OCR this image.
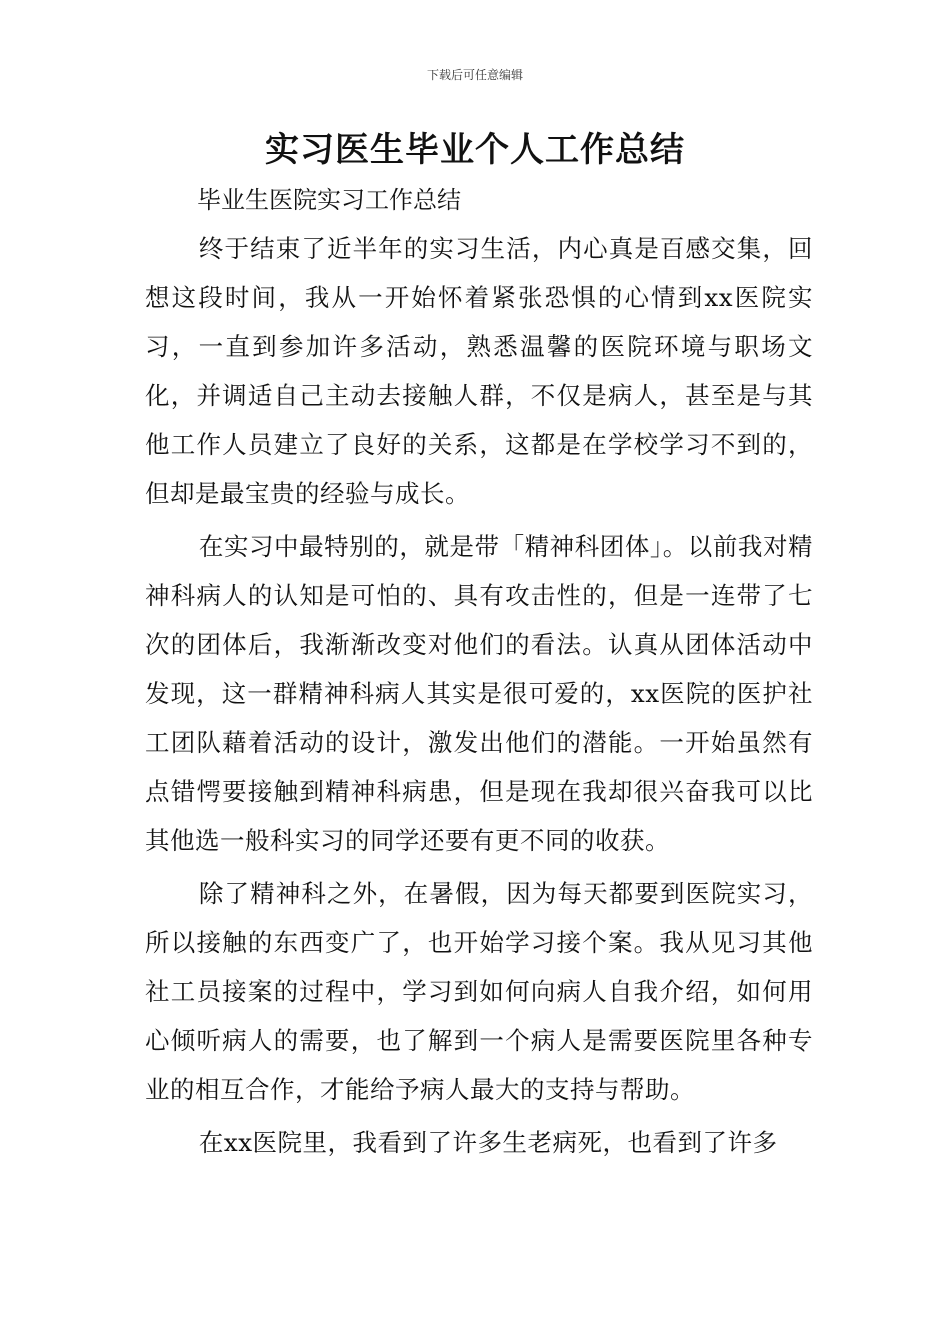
下载后可任意编辑
实习医生毕业个人工作总结

毕业生医院实习工作总结

终于结束了近半年的实习生活，内心真是百感交集，回想这段时间，我从一开始怀着紧张恐惧的心情到xx医院实习，一直到参加许多活动，熟悉温馨的医院环境与职场文化，并调适自己主动去接触人群，不仅是病人，甚至是与其他工作人员建立了良好的关系，这都是在学校学习不到的，但却是最宝贵的经验与成长。

在实习中最特别的，就是带「精神科团体」。以前我对精神科病人的认知是可怕的、具有攻击性的，但是一连带了七次的团体后，我渐渐改变对他们的看法。认真从团体活动中发现，这一群精神科病人其实是很可爱的，xx医院的医护社工团队藉着活动的设计，激发出他们的潜能。一开始虽然有点错愕要接触到精神科病患，但是现在我却很兴奋我可以比其他选一般科实习的同学还要有更不同的收获。

除了精神科之外，在暑假，因为每天都要到医院实习，所以接触的东西变广了，也开始学习接个案。我从见习其他社工员接案的过程中，学习到如何向病人自我介绍，如何用心倾听病人的需要，也了解到一个病人是需要医院里各种专业的相互合作，才能给予病人最大的支持与帮助。

在xx医院里，我看到了许多生老病死，也看到了许多
